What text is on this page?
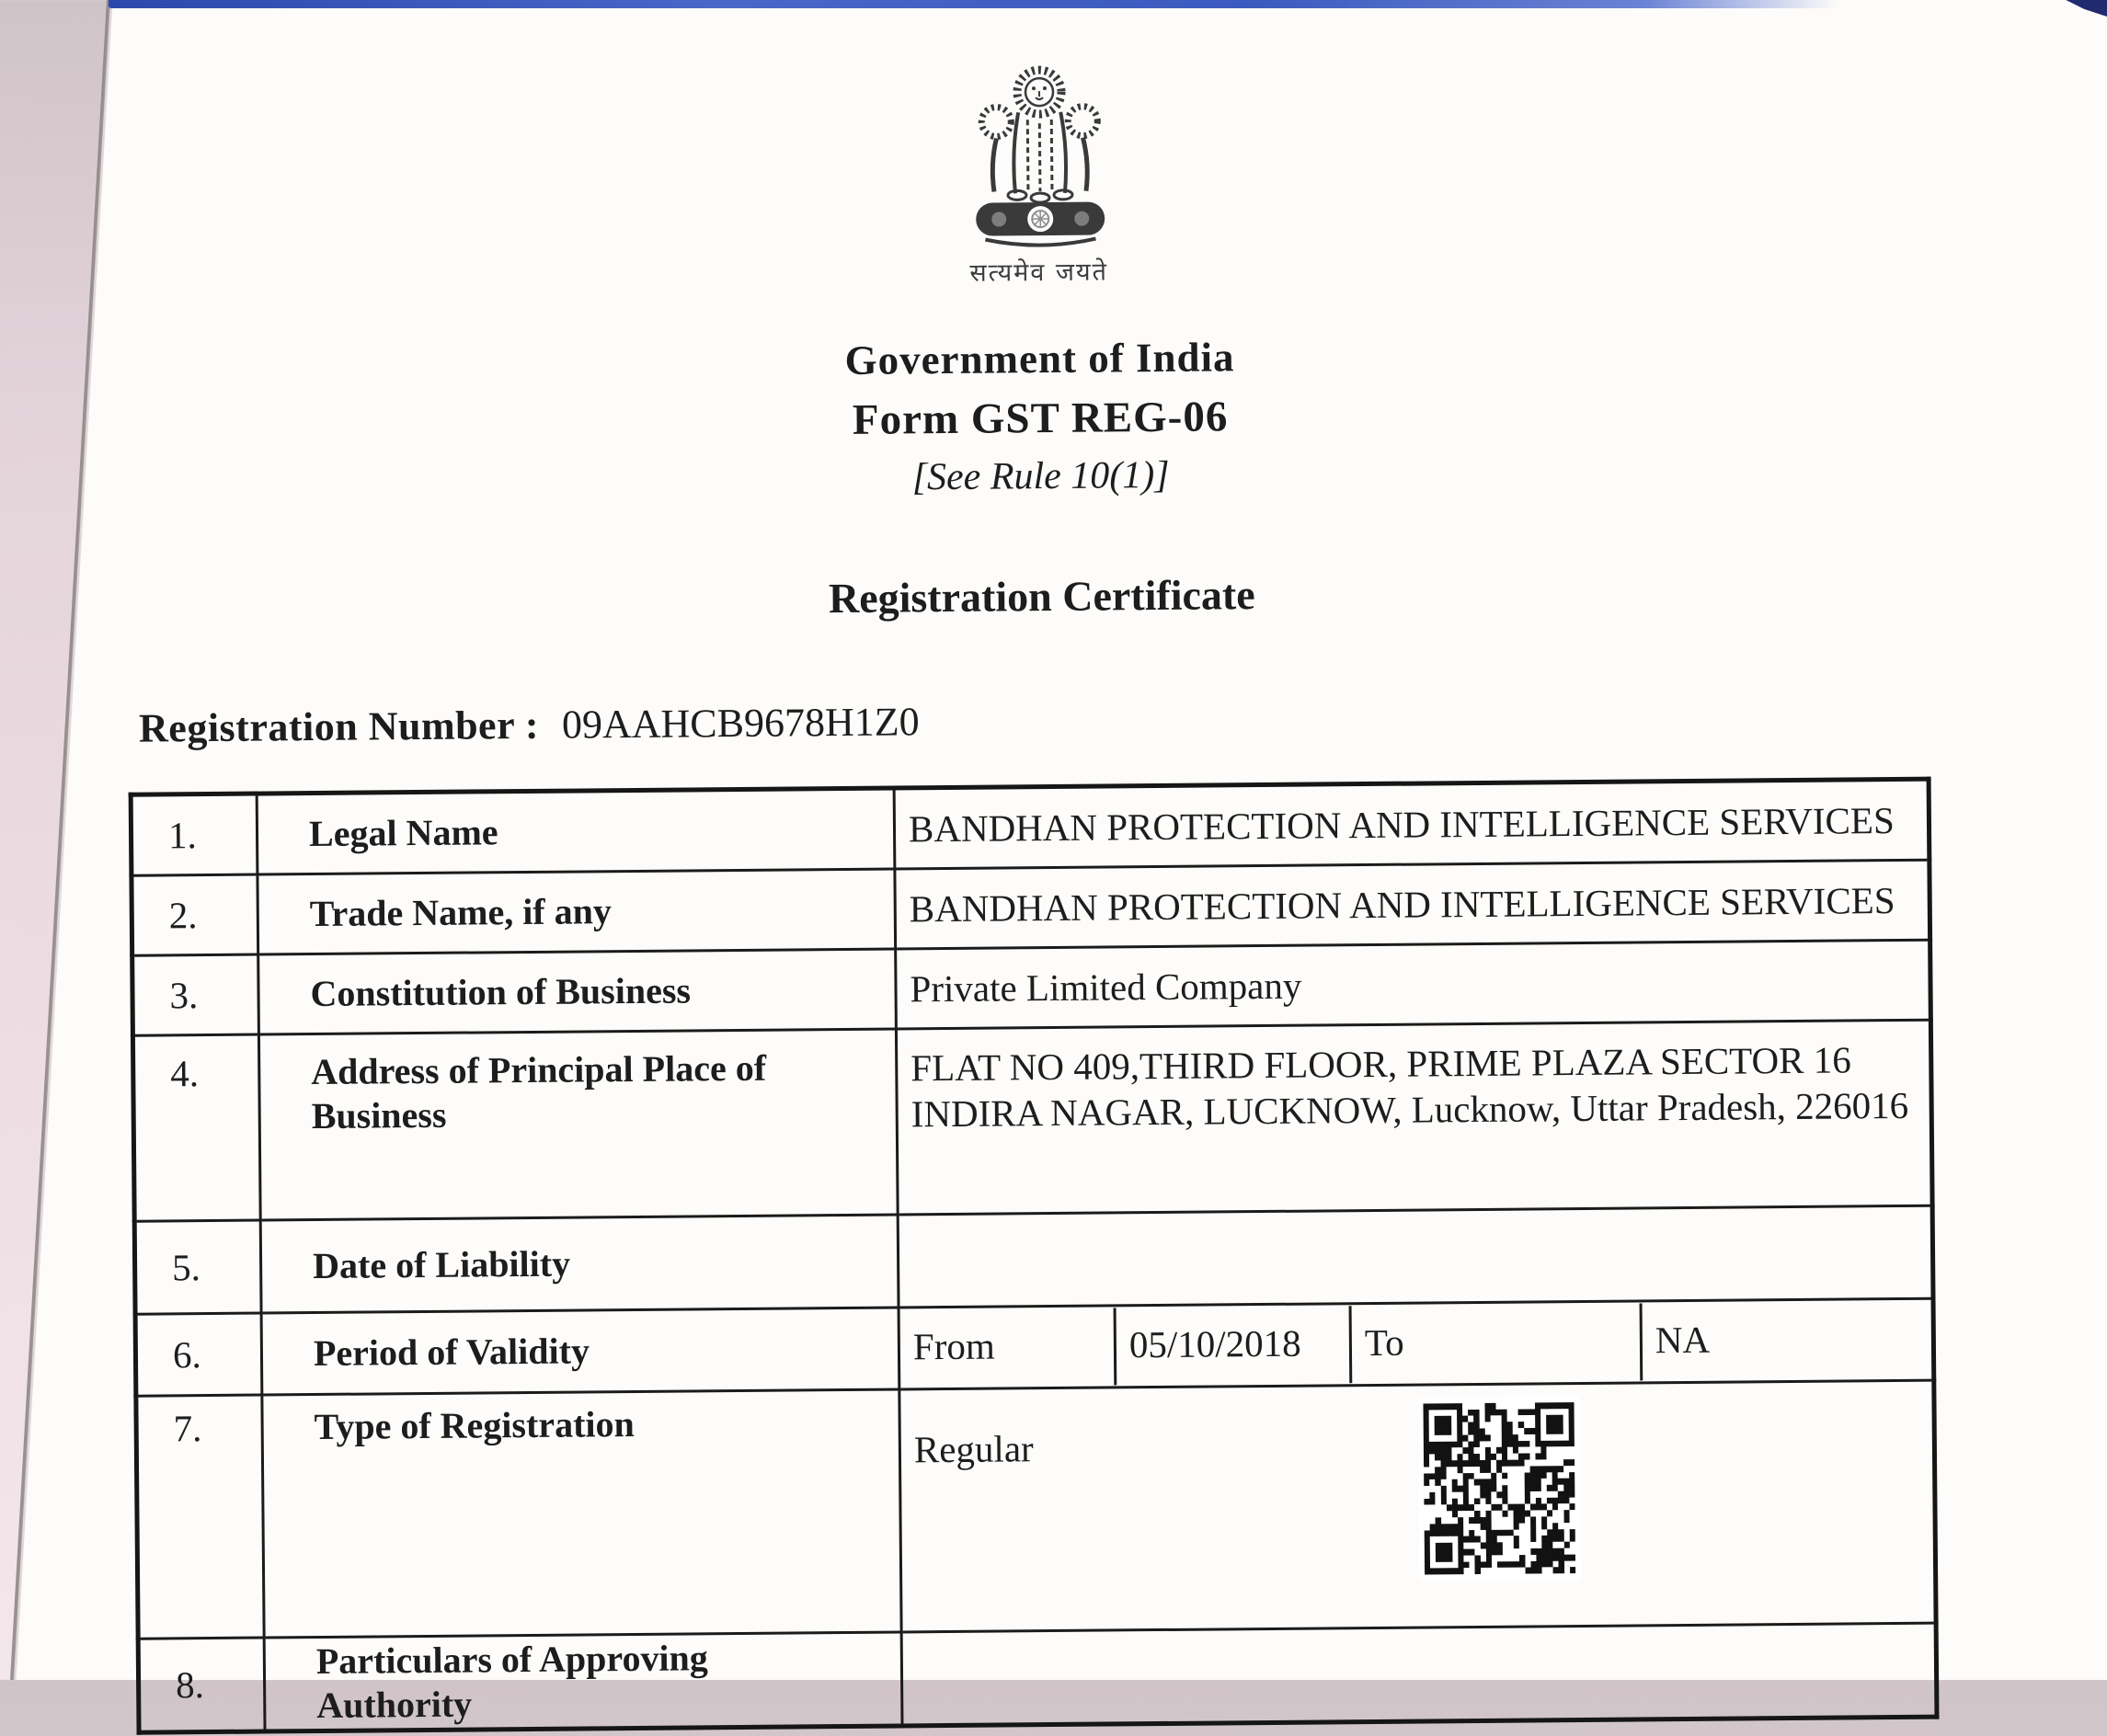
सत्यमेव जयते
Government of India
Form GST REG-06
[See Rule 10(1)]
Registration Certificate
Registration Number : 09AAHCB9678H1Z0
1.	Legal Name	BANDHAN PROTECTION AND INTELLIGENCE SERVICES
2.	Trade Name, if any	BANDHAN PROTECTION AND INTELLIGENCE SERVICES
3.	Constitution of Business	Private Limited Company
4.	Address of Principal Place of Business	FLAT NO 409,THIRD FLOOR, PRIME PLAZA SECTOR 16
INDIRA NAGAR, LUCKNOW, Lucknow, Uttar Pradesh, 226016

5.	Date of Liability	
6.	Period of Validity	From 05/10/2018 To NA

7.	Type of Registration	Regular

8.	Particulars of Approving Authority	
